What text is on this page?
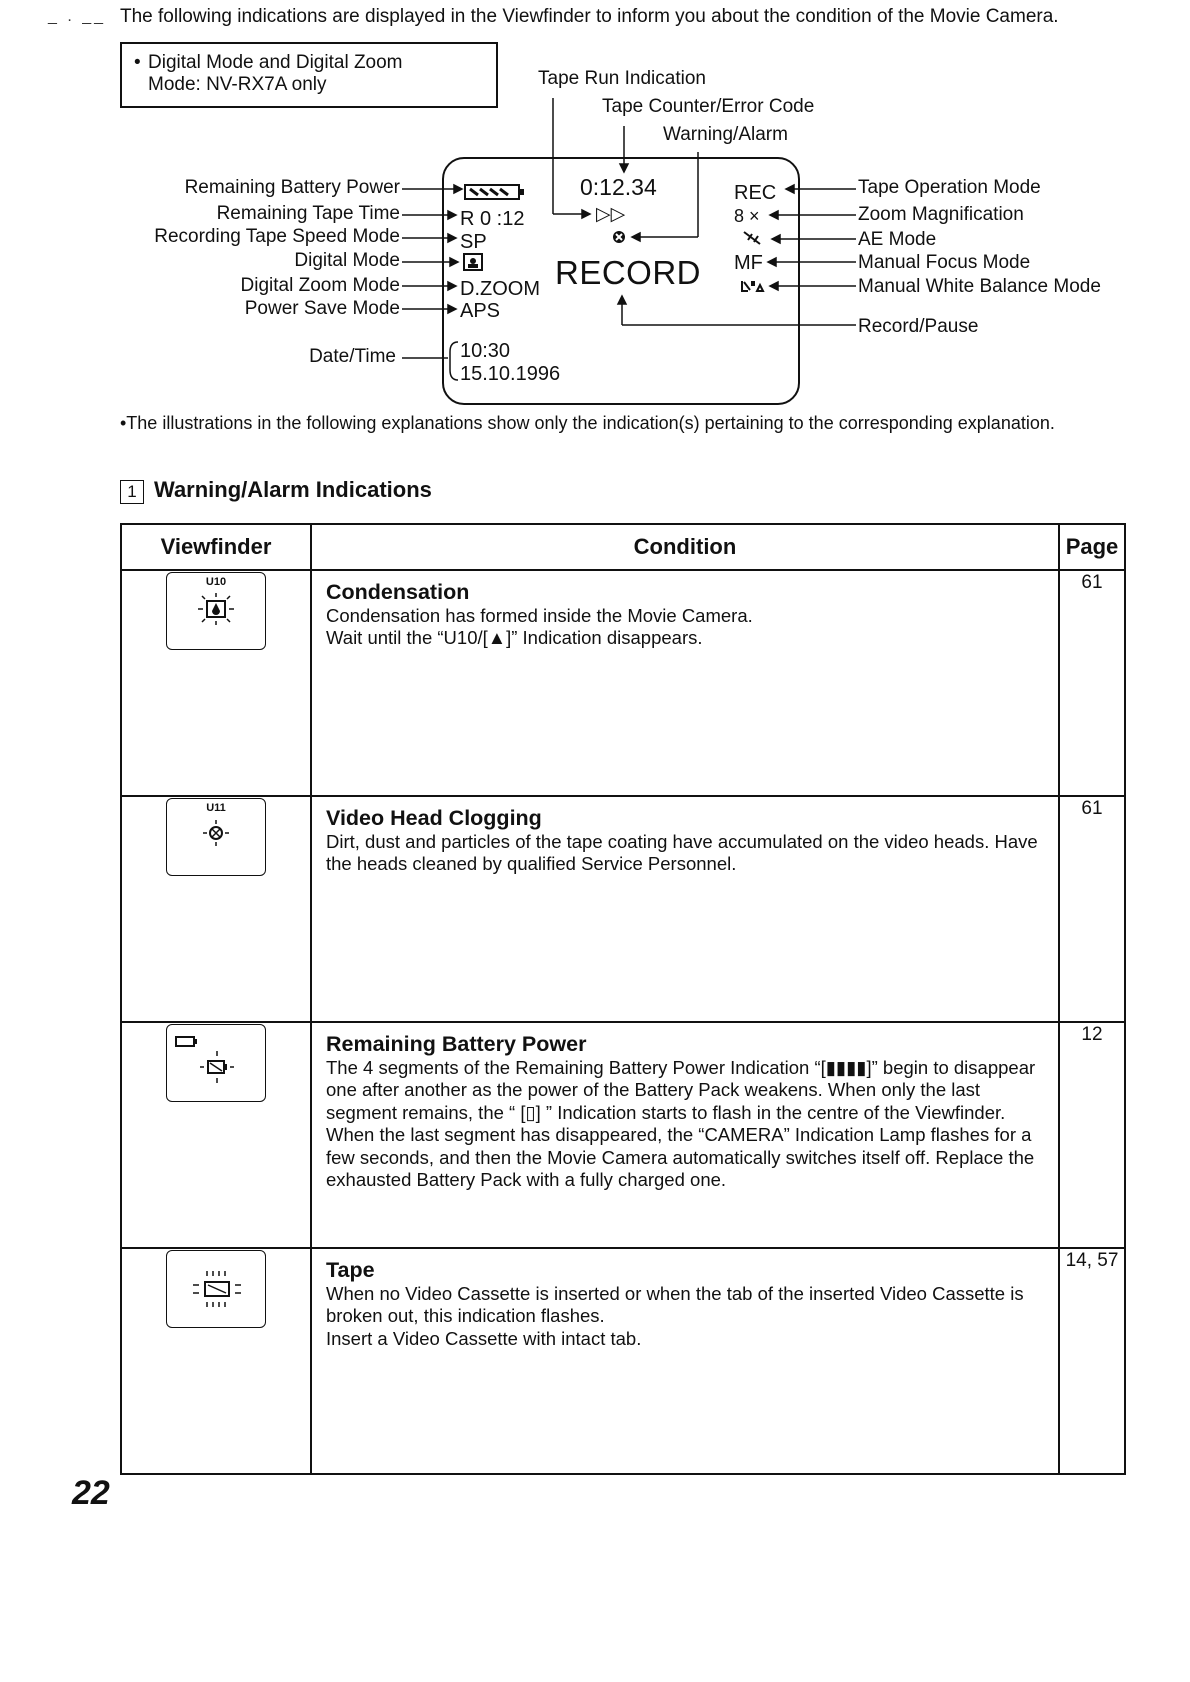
_ . __ The following indications are displayed in the Viewfinder to inform you about the condition of the Movie Camera.
• Digital Mode and Digital Zoom
Mode: NV-RX7A only	Tape Run Indication
Tape Counter/Error Code
Warning/Alarm
Remaining Battery Power
Remaining Tape Time
Recording Tape Speed Mode
Digital Mode
Digital Zoom Mode
Power Save Mode
Date/Time
Tape Operation Mode
Zoom Magnification
AE Mode
Manual Focus Mode
Manual White Balance Mode
Record/Pause
0:12.34	REC
R 0 :12	▷▷	8 ×
SP
MF
RECORD
D.ZOOM
APS
10:30
15.10.1996
•The illustrations in the following explanations show only the indication(s) pertaining to the corresponding explanation.
1 Warning/Alarm Indications
Viewfinder	Condition	Page

U10	Condensation
Condensation has formed inside the Movie Camera.
Wait until the “U10/[▲]” Indication disappears.	61

U11	Video Head Clogging
Dirt, dust and particles of the tape coating have accumulated on the video heads. Have the heads cleaned by qualified Service Personnel.	61

Remaining Battery Power
The 4 segments of the Remaining Battery Power Indication “[▮▮▮▮]” begin to disappear one after another as the power of the Battery Pack weakens. When only the last segment remains, the “ [▯] ” Indication starts to flash in the centre of the Viewfinder. When the last segment has disappeared, the “CAMERA” Indication Lamp flashes for a few seconds, and then the Movie Camera automatically switches itself off. Replace the exhausted Battery Pack with a fully charged one.	12

Tape
When no Video Cassette is inserted or when the tab of the inserted Video Cassette is broken out, this indication flashes.
Insert a Video Cassette with intact tab.	14, 57
22
